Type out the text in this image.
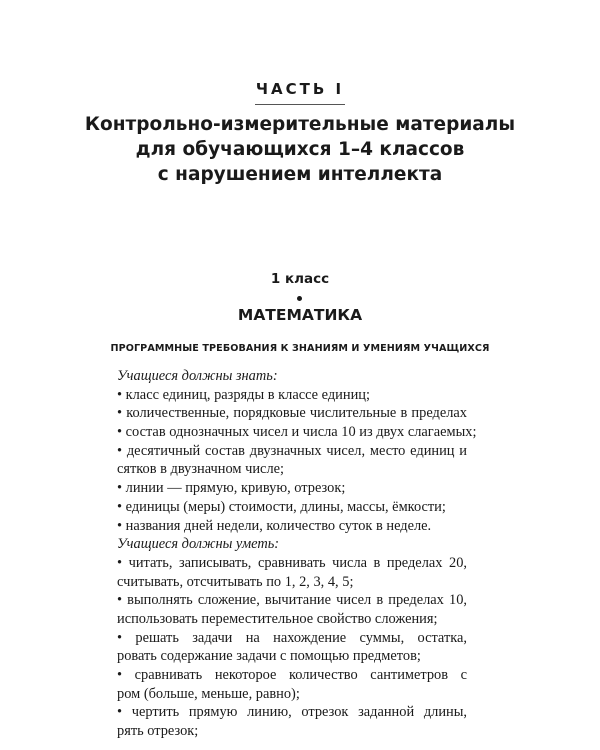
ЧАСТЬ I
Контрольно-измерительные материалы
для обучающихся 1–4 классов
с нарушением интеллекта
1 класс
МАТЕМАТИКА
ПРОГРАММНЫЕ ТРЕБОВАНИЯ К ЗНАНИЯМ И УМЕНИЯМ УЧАЩИХСЯ
Учащиеся должны знать:
• класс единиц, разряды в классе единиц;
• количественные, порядковые числительные в пределах
• состав однозначных чисел и числа 10 из двух слагаемых;
• десятичный состав двузначных чисел, место единиц и
сятков в двузначном числе;
• линии — прямую, кривую, отрезок;
• единицы (меры) стоимости, длины, массы, ёмкости;
• названия дней недели, количество суток в неделе.
Учащиеся должны уметь:
• читать, записывать, сравнивать числа в пределах 20,
считывать, отсчитывать по 1, 2, 3, 4, 5;
• выполнять сложение, вычитание чисел в пределах 10,
использовать переместительное свойство сложения;
• решать задачи на нахождение суммы, остатка,
ровать содержание задачи с помощью предметов;
• сравнивать некоторое количество сантиметров с
ром (больше, меньше, равно);
• чертить прямую линию, отрезок заданной длины,
рять отрезок;
